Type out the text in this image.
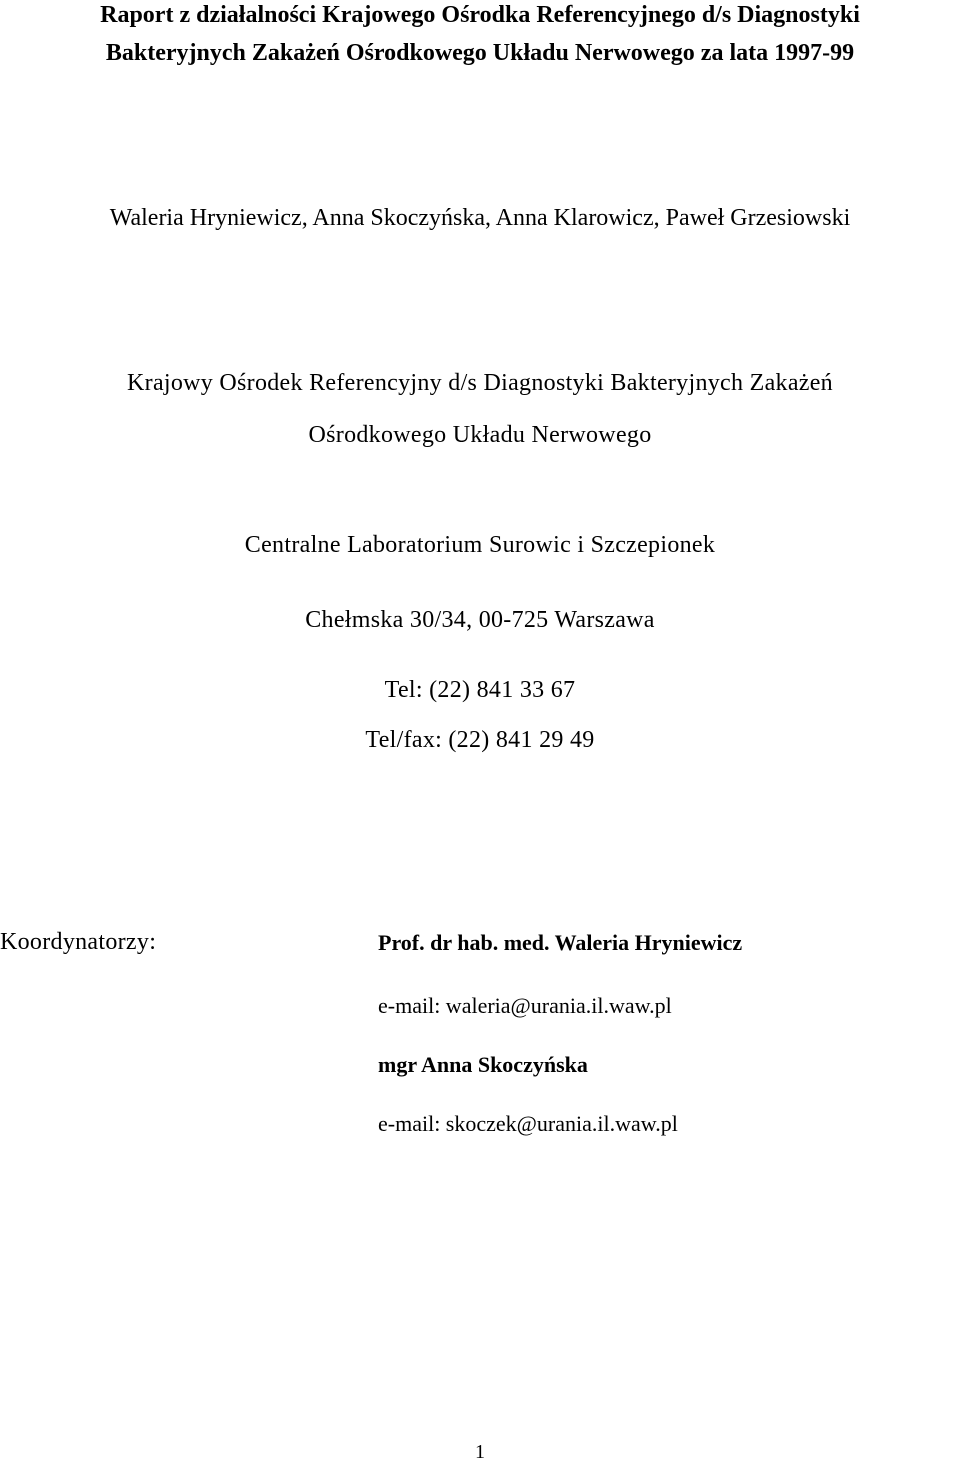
Raport z działalności Krajowego Ośrodka Referencyjnego d/s Diagnostyki

Bakteryjnych Zakażeń Ośrodkowego Układu Nerwowego za lata 1997-99

Waleria Hryniewicz, Anna Skoczyńska, Anna Klarowicz, Paweł Grzesiowski

Krajowy Ośrodek Referencyjny d/s Diagnostyki Bakteryjnych Zakażeń

Ośrodkowego Układu Nerwowego

Centralne Laboratorium Surowic i Szczepionek

Chełmska 30/34, 00-725 Warszawa

Tel: (22) 841 33 67

Tel/fax: (22) 841 29 49

Koordynatorzy:	Prof. dr hab. med. Waleria Hryniewicz

e-mail: waleria@urania.il.waw.pl

mgr Anna Skoczyńska

e-mail: skoczek@urania.il.waw.pl

1
